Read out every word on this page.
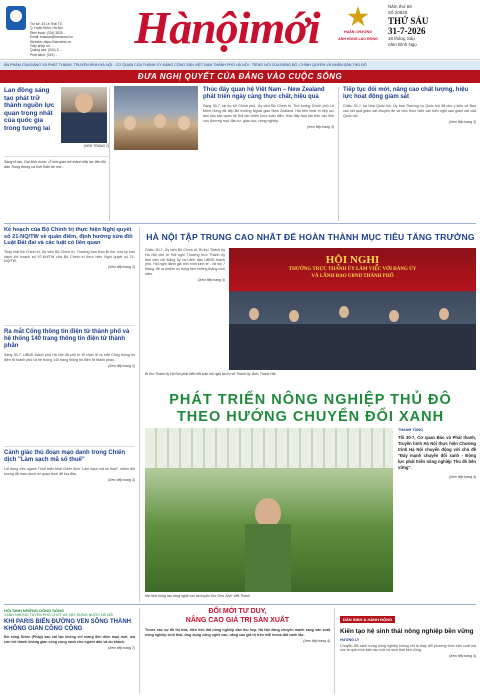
Trụ sở: 44 Lê Thái Tổ,
Q. Hoàn Kiếm, Hà Nội
Điện thoại: (024) 3825 ...
Email: toasoan@hanoimoi.vn
Website: https://hanoimoi.vn
Giấy phép số: ...
Quảng cáo: (024) 3.....
Phát hành: (024) ....
Hànộimới	HUÂN CHƯƠNG
ANH HÙNG LAO ĐỘNG
Năm thứ 69
Số 20826
THỨ SÁU
31-7-2026
18 tháng Sáu
năm Bính Ngọ
ẤN PHẨM CỦA ĐẢNG VÀ PHÁT THANH, TRUYỀN HÌNH HÀ NỘI - CƠ QUAN CỦA THÀNH ỦY ĐẢNG CỘNG SẢN VIỆT NAM THÀNH PHỐ HÀ NỘI · TIẾNG NÓI CỦA ĐẢNG BỘ, CHÍNH QUYỀN VÀ NHÂN DÂN THỦ ĐÔ
ĐƯA NGHỊ QUYẾT CỦA ĐẢNG VÀO CUỘC SỐNG
Lan đồng sáng tạo phát trữ thành nguồn lực quan trọng nhất của quốc gia trong tương lai
(XEM TRANG 2)
Sáng tỏ lao, Dai kinh nước. Ở thời gian trở thành tiếp lạc liên Bộ dân Trung thông và tình thấn ấn mơ...
Thúc đẩy quan hệ Việt Nam – New Zealand phát triển ngày càng thực chất, hiệu quả
Sáng 30-7, tại trụ sở Chính phủ, Ủy viên Bộ Chính trị, Thủ tướng Chính phủ Lê Minh Hưng đã tiếp Bộ trưởng Ngoại giao New Zealand. Hai bên nhất trí tiếp tục làm sâu sắc quan hệ Đối tác chiến lược toàn diện, thúc đẩy hợp tác trên các lĩnh vực thương mại, đầu tư, giáo dục, nông nghiệp.
(Xem tiếp trang 3)
Tiếp tục đổi mới, nâng cao chất lượng, hiệu lực hoạt động giám sát
Chiều 30-7, tại Nhà Quốc hội, Ủy ban Thường vụ Quốc hội đã cho ý kiến về Báo cáo kết quả giám sát chuyên đề và việc thực hiện các kiến nghị sau giám sát của Quốc hội.
(Xem tiếp trang 3)
Kế hoạch của Bộ Chính trị thực hiện Nghị quyết số 21-NQ/TW về quản điểm, định hướng sửa đổi Luật Đất đai và các luật có liên quan
Thay mặt Bộ Chính trị, Ủy viên Bộ Chính trị, Thường trực Ban Bí thư vừa ký ban hành Kế hoạch số 97-KH/TW của Bộ Chính trị thực hiện Nghị quyết số 21-NQ/TW.
(Xem tiếp trang 3)
Ra mắt Cổng thông tin điện tử thành phố và hệ thống 140 trang thông tin điện tử thành phần
Sáng 30-7, UBND thành phố Hà Nội đã chủ trì tổ chức lễ ra mắt Cổng thông tin điện tử thành phố và hệ thống 140 trang thông tin điện tử thành phần.
(Xem tiếp trang 3)
Cảnh giác thủ đoạn mạo danh trong Chiến dịch "Làm sạch mã số thuế"
Lợi dụng việc ngành Thuế triển khai Chiến dịch "Làm sạch mã số thuế", nhiều đối tượng đã mạo danh cơ quan thuế để lừa đảo.
(Xem tiếp trang 3)
HÀ NỘI TẬP TRUNG CAO NHẤT ĐỂ HOÀN THÀNH MỤC TIÊU TĂNG TRƯỞNG
Chiều 30-7, Ủy viên Bộ Chính trị, Bí thư Thành ủy Hà Nội chủ trì Hội nghị Thường trực Thành ủy làm việc với Đảng ủy và Lãnh đạo UBND thành phố. Hội nghị đánh giá tình hình kinh tế - xã hội 7 tháng, đề ra nhiệm vụ trọng tâm những tháng cuối năm.
(Xem tiếp trang 3)
HỘI NGHỊ
THƯỜNG TRỰC THÀNH ỦY LÀM VIỆC VỚI ĐẢNG ỦY
VÀ LÃNH ĐẠO UBND THÀNH PHỐ
Bí thư Thành ủy Hà Nội phát biểu kết luận hội nghị tại trụ sở Thành ủy. Ảnh: Thanh Hải
PHÁT TRIỂN NÔNG NGHIỆP THỦ ĐÔ
THEO HƯỚNG CHUYỂN ĐỔI XANH
THANH TÙNG
Tối 30-7, Cơ quan Báo và Phát thanh, Truyền hình Hà Nội thực hiện Chương trình Hà Nội chuyển động với chủ đề "Đảy mạnh chuyển đổi xanh - Động lực phát triển nông nghiệp Thủ đô bền vững".
(Xem tiếp trang 4)
Mô hình trồng rau công nghệ cao tại huyện Sóc Sơn. Ảnh: Viết Thành
HỘI SINH NHỮNG DÒNG SÔNG
XANH NHỮNG TUYẾN PHỐ CHỐT VÀ XÂY DỰNG NƯỚC HÀ NỘI
KHI PARIS BIẾN ĐƯỜNG VEN SÔNG THÀNH KHÔNG GIAN CÔNG CỘNG
Bờ sông Seine (Pháp) sau cải tạo không chỉ mang đến diện mạo mới, mà còn trở thành không gian công cộng xanh cho người dân và du khách.
(Xem tiếp trang 7)
ĐỔI MỚI TƯ DUY,
NÂNG CAO GIÁ TRỊ SẢN XUẤT
Trước xác sự đô thị hóa, diện tích đất nông nghiệp dần thu hẹp. Hà Nội đang chuyển mạnh sang sản xuất nông nghiệp sinh thái, ứng dụng công nghệ cao, nâng cao giá trị trên mỗi hecta đất canh tác.
(Xem tiếp trang 4)
DÂN SINH & HÀNH ĐỘNG
Kiến tạo hệ sinh thái nông nghiệp bền vững
HƯƠNG LY
Chuyển đổi xanh trong nông nghiệp không chỉ là thay đổi phương thức sản xuất mà còn là quá trình kiến tạo một hệ sinh thái bền vững.
(Xem tiếp trang 4)
